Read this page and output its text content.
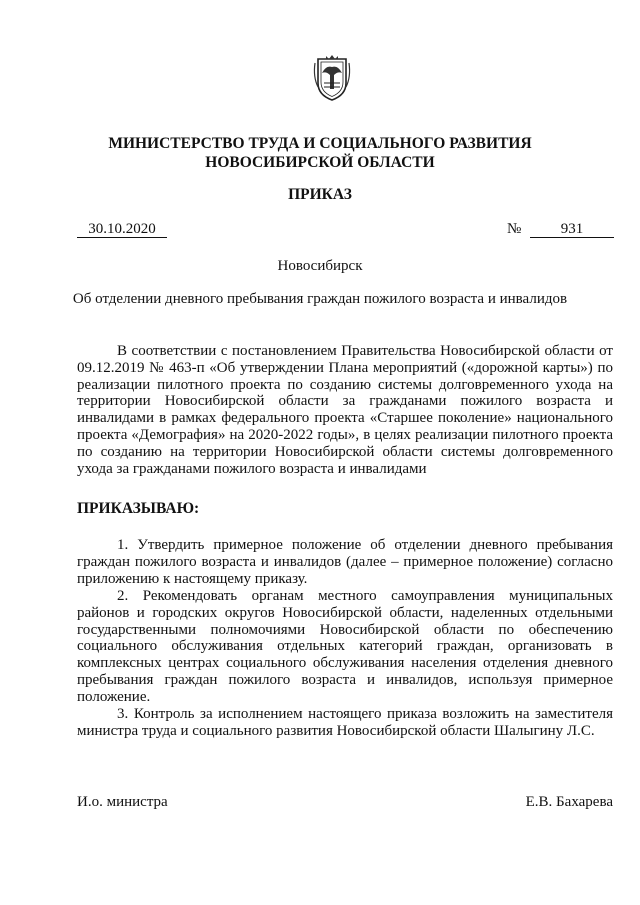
МИНИСТЕРСТВО ТРУДА И СОЦИАЛЬНОГО РАЗВИТИЯ
НОВОСИБИРСКОЙ ОБЛАСТИ
ПРИКАЗ
30.10.2020	№	931
Новосибирск
Об отделении дневного пребывания граждан пожилого возраста и инвалидов

В соответствии с постановлением Правительства Новосибирской области от 09.12.2019 № 463-п «Об утверждении Плана мероприятий («дорожной карты») по реализации пилотного проекта по созданию системы долговременного ухода на территории Новосибирской области за гражданами пожилого возраста и инвалидами в рамках федерального проекта «Старшее поколение» национального проекта «Демография» на 2020-2022 годы», в целях реализации пилотного проекта по созданию на территории Новосибирской области системы долговременного ухода за гражданами пожилого возраста и инвалидами

ПРИКАЗЫВАЮ:

1. Утвердить примерное положение об отделении дневного пребывания граждан пожилого возраста и инвалидов (далее – примерное положение) согласно приложению к настоящему приказу.

2. Рекомендовать органам местного самоуправления муниципальных районов и городских округов Новосибирской области, наделенных отдельными государственными полномочиями Новосибирской области по обеспечению социального обслуживания отдельных категорий граждан, организовать в комплексных центрах социального обслуживания населения отделения дневного пребывания граждан пожилого возраста и инвалидов, используя примерное положение.

3. Контроль за исполнением настоящего приказа возложить на заместителя министра труда и социального развития Новосибирской области Шалыгину Л.С.

И.о. министра	Е.В. Бахарева
